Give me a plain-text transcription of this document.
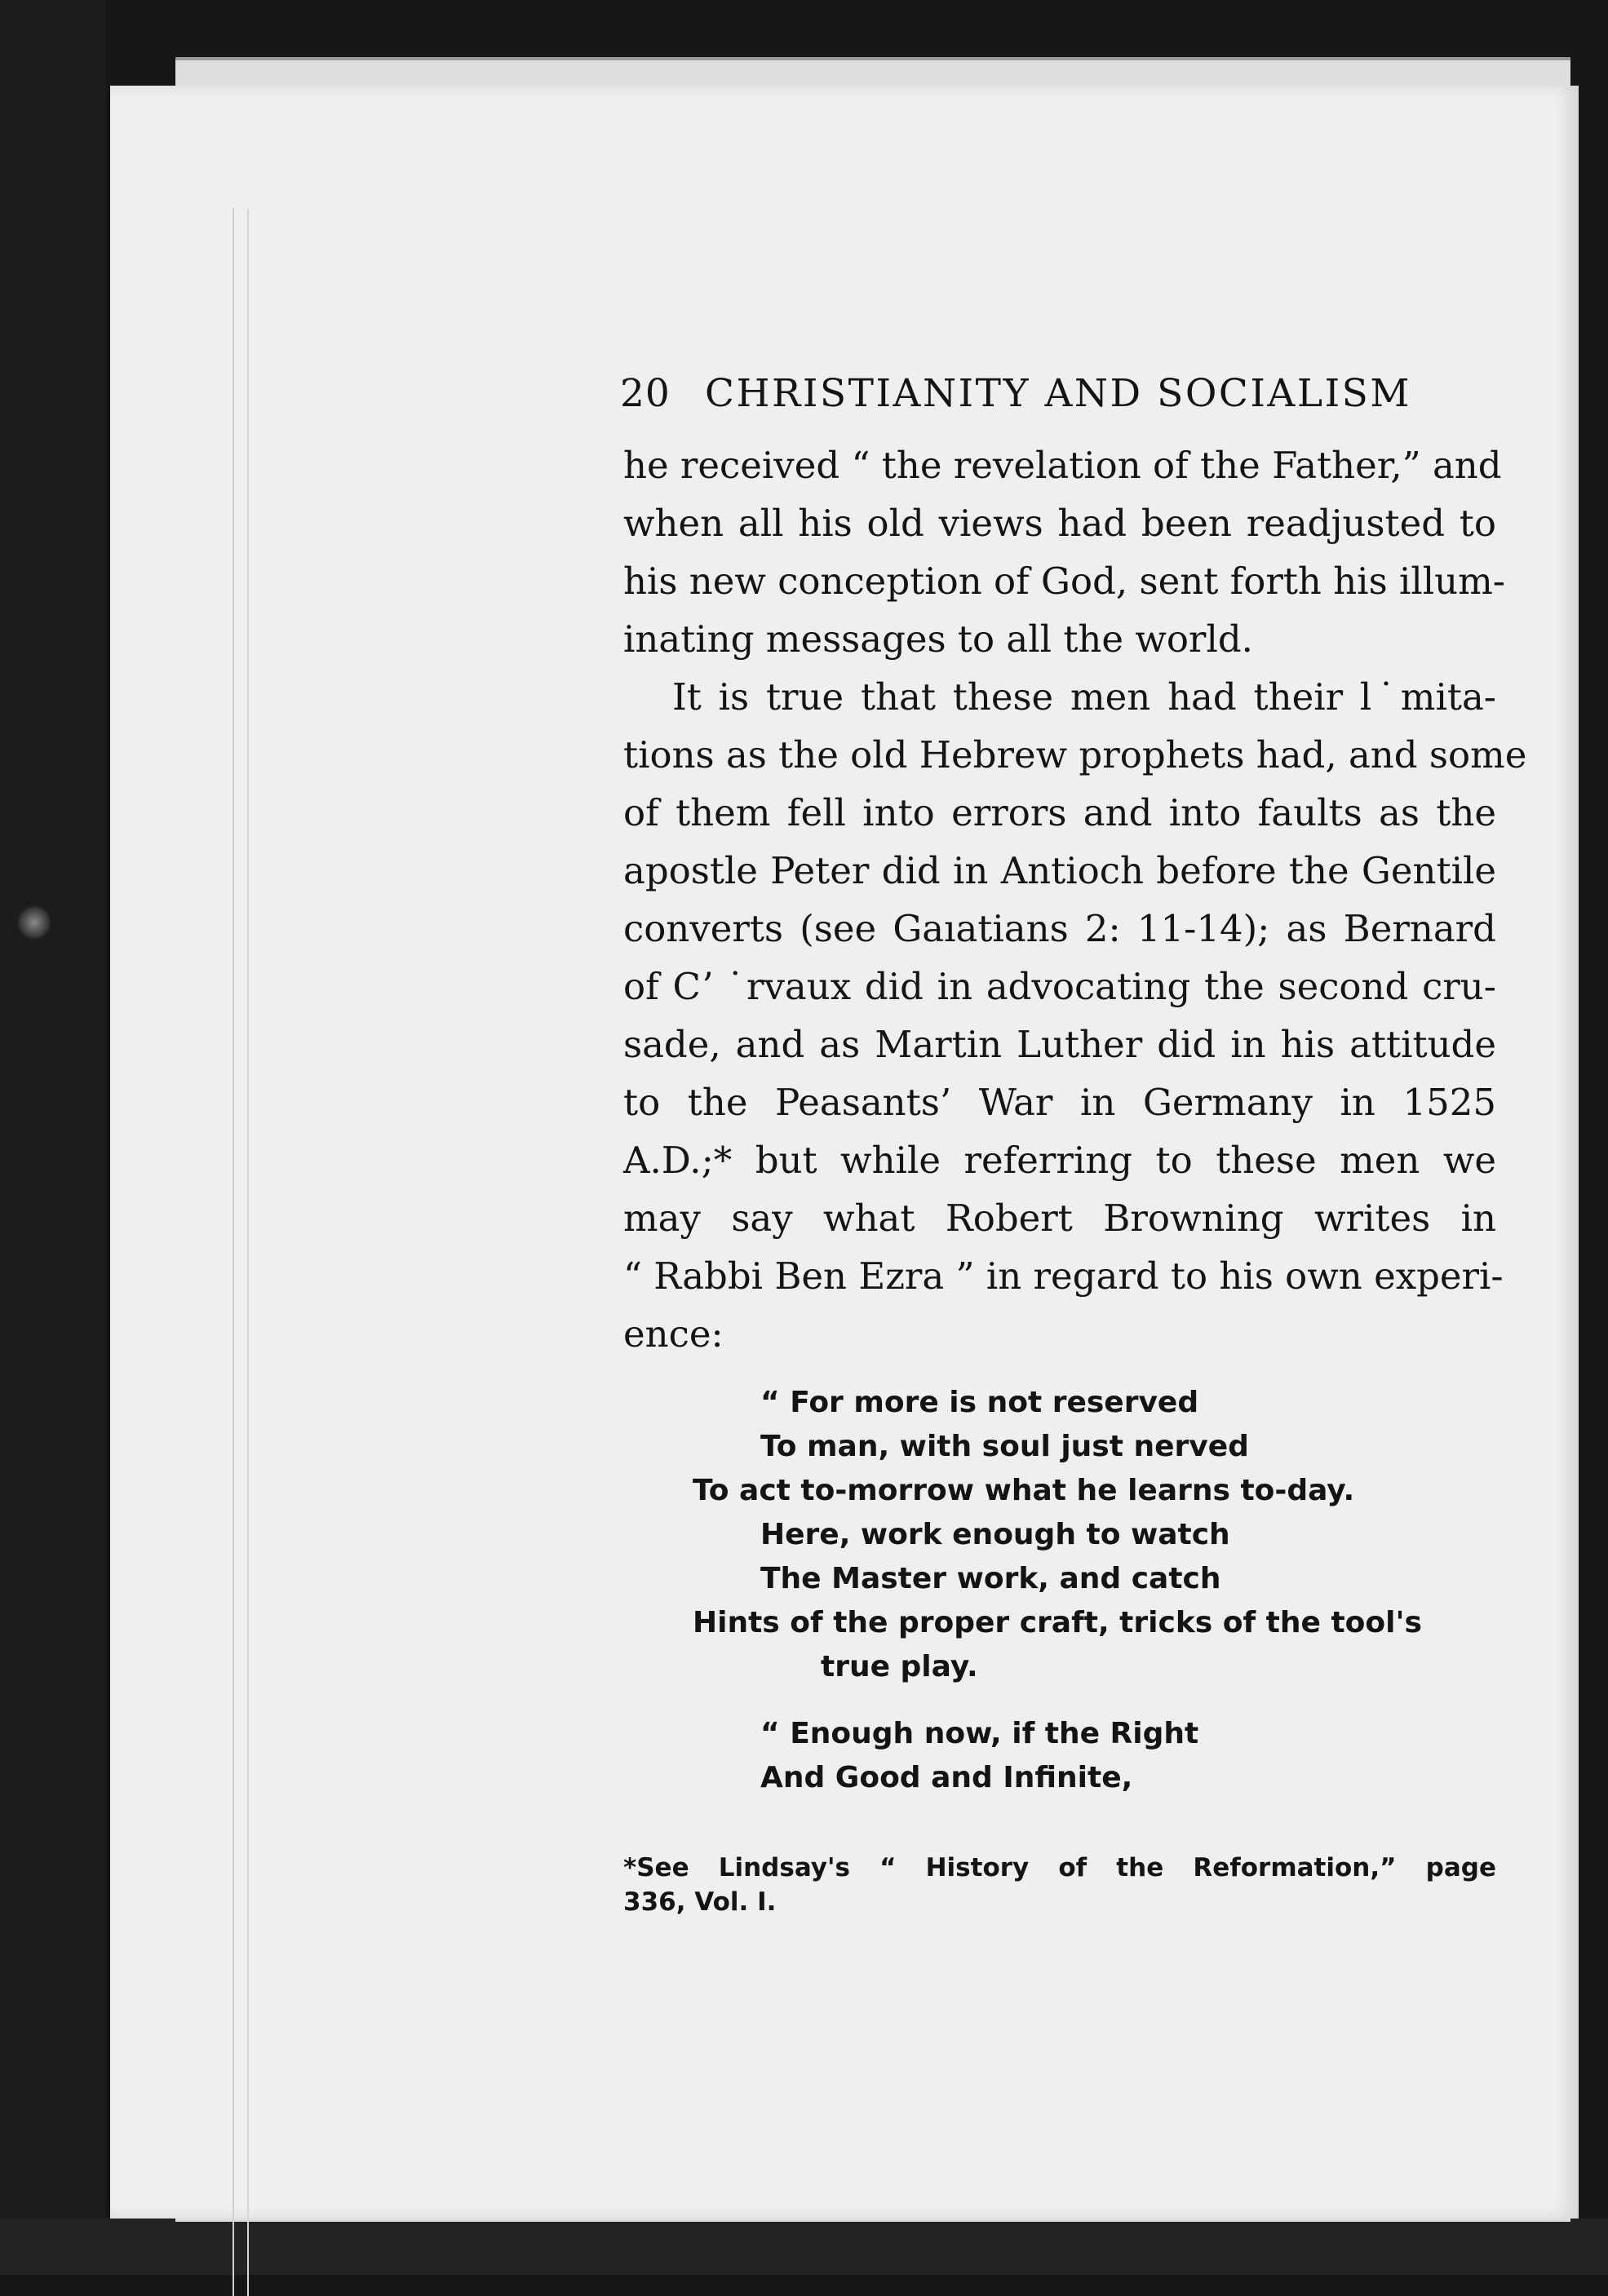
20 CHRISTIANITY AND SOCIALISM
he received “ the revelation of the Father,” and
when all his old views had been readjusted to
his new conception of God, sent forth his illum-
inating messages to all the world.
It is true that these men had their l˙mita-
tions as the old Hebrew prophets had, and some
of them fell into errors and into faults as the
apostle Peter did in Antioch before the Gentile
converts (see Gaıatians 2: 11-14); as Bernard
of Cʼ ˙rvaux did in advocating the second cru-
sade, and as Martin Luther did in his attitude
to the Peasants’ War in Germany in 1525
A.D.;* but while referring to these men we
may say what Robert Browning writes in
“ Rabbi Ben Ezra ” in regard to his own experi-
ence:
“ For more is not reserved
To man, with soul just nerved
To act to-morrow what he learns to-day.
Here, work enough to watch
The Master work, and catch
Hints of the proper craft, tricks of the tool's
true play.
“ Enough now, if the Right
And Good and Infinite,
*See Lindsay's “ History of the Reformation,” page
336, Vol. I.
